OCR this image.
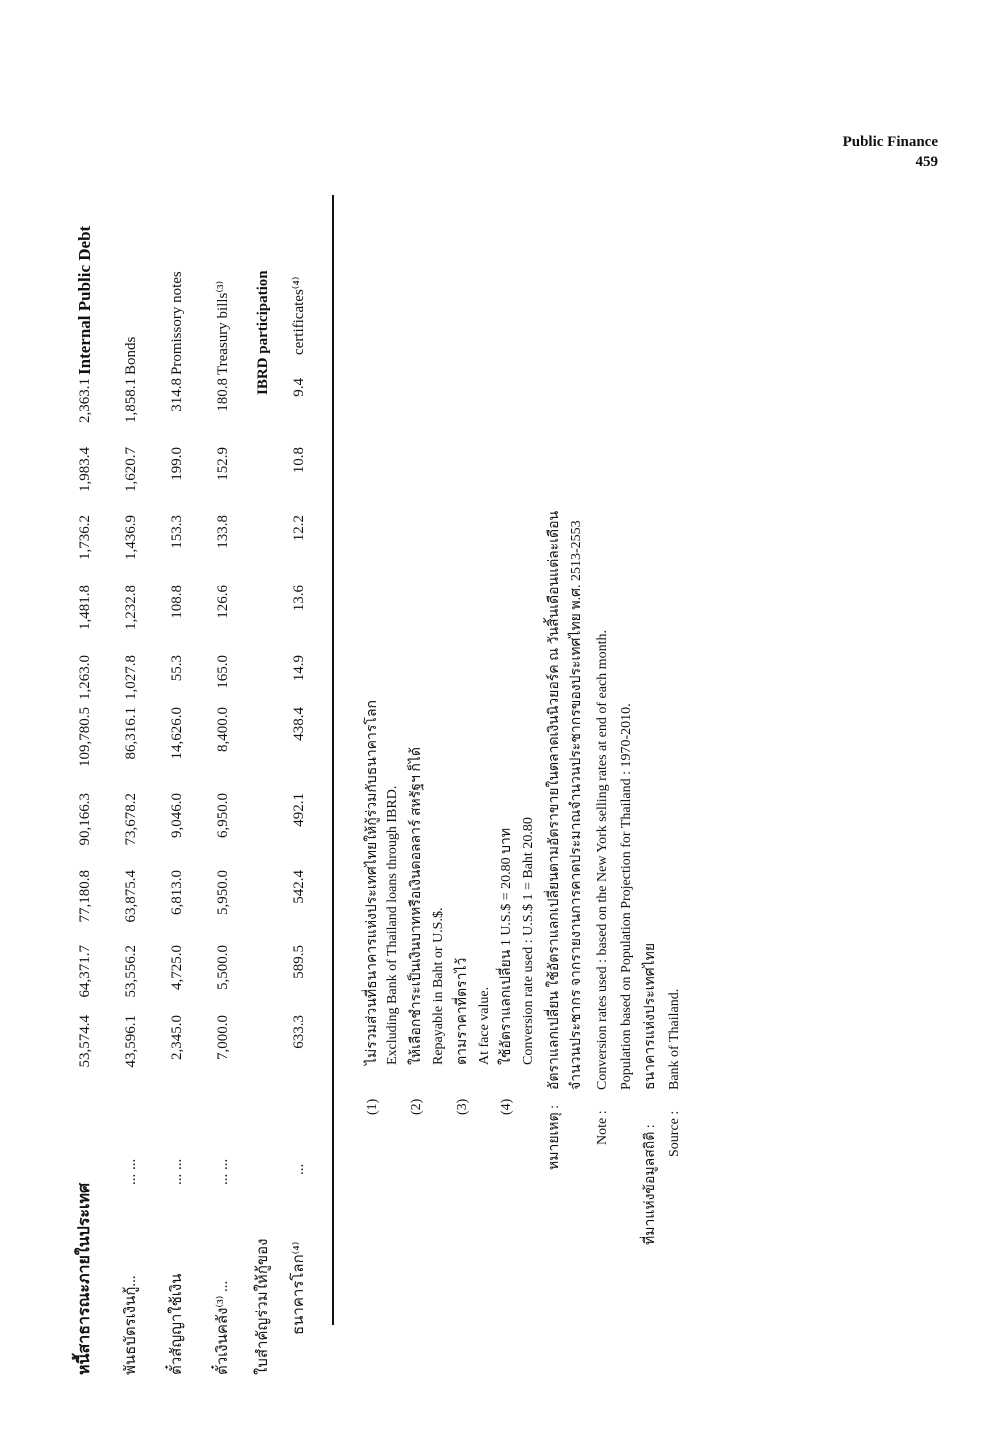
Public Finance
459
หนี้สาธารณะภายในประเทศ
53,574.4
64,371.7
77,180.8
90,166.3
109,780.5
1,263.0
1,481.8
1,736.2
1,983.4
2,363.1
Internal Public Debt
พันธบัตรเงินกู้...
... ...
43,596.1
53,556.2
63,875.4
73,678.2
86,316.1
1,027.8
1,232.8
1,436.9
1,620.7
1,858.1
Bonds
ตั๋วสัญญาใช้เงิน
... ...
2,345.0
4,725.0
6,813.0
9,046.0
14,626.0
55.3
108.8
153.3
199.0
314.8
Promissory notes
ตั๋วเงินคลัง⁽³⁾ ...
... ...
7,000.0
5,500.0
5,950.0
6,950.0
8,400.0
165.0
126.6
133.8
152.9
180.8
Treasury bills⁽³⁾
ใบสำคัญร่วมให้กู้ของ
IBRD participation
ธนาคารโลก⁽⁴⁾
...
633.3
589.5
542.4
492.1
438.4
14.9
13.6
12.2
10.8
9.4
certificates⁽⁴⁾
(1)
ไม่รวมส่วนที่ธนาคารแห่งประเทศไทยให้กู้ร่วมกับธนาคารโลก Excluding Bank of Thailand loans through IBRD.
(2)
ให้เลือกชำระเป็นเงินบาทหรือเงินดอลลาร์ สหรัฐฯ ก็ได้ Repayable in Baht or U.S.$.
(3)
ตามราคาที่ตราไว้ At face value.
(4)
ใช้อัตราแลกเปลี่ยน 1 U.S.$ = 20.80 บาท Conversion rate used : U.S.$ 1 = Baht 20.80
หมายเหตุ :
อัตราแลกเปลี่ยน ใช้อัตราแลกเปลี่ยนตามอัตราขายในตลาดเงินนิวยอร์ค ณ วันสิ้นเดือนแต่ละเดือน จำนวนประชากร จากรายงานการคาดประมาณจำนวนประชากรของประเทศไทย พ.ศ. 2513-2553
Note :
Conversion rates used : based on the New York selling rates at end of each month. Population based on Population Projection for Thailand : 1970-2010.
ที่มาแห่งข้อมูลสถิติ :
ธนาคารแห่งประเทศไทย
Source :
Bank of Thailand.
